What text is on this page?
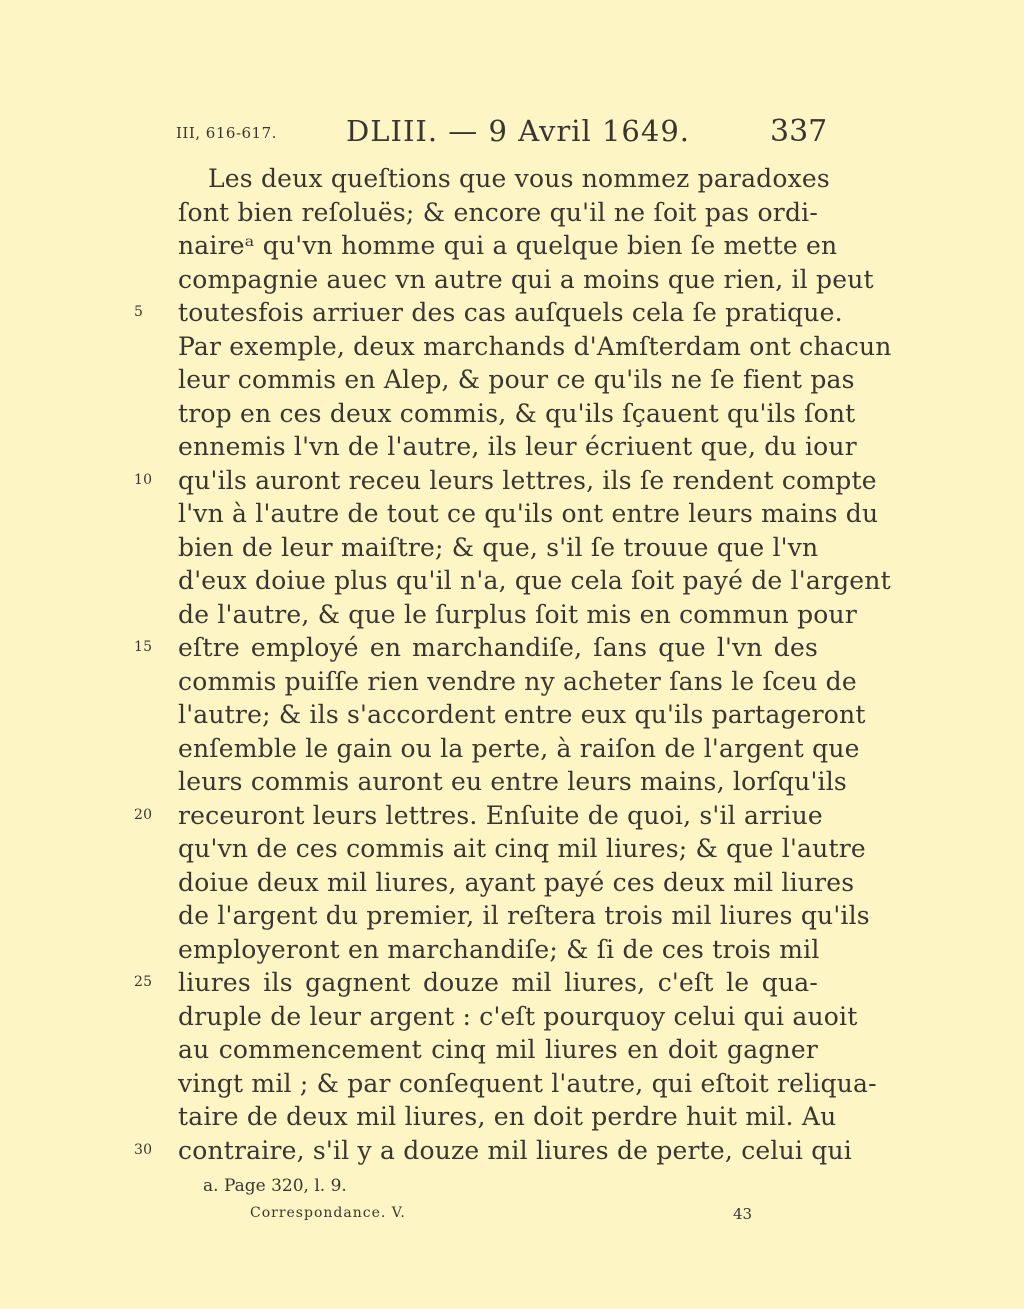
III, 616-617. DLIII. — 9 Avril 1649.	337
Les deux queſtions que vous nommez paradoxes
ſont bien reſoluës; & encore qu'il ne ſoit pas ordi-
naireᵃ qu'vn homme qui a quelque bien ſe mette en
compagnie auec vn autre qui a moins que rien, il peut
5	toutesfois arriuer des cas auſquels cela ſe pratique.
Par exemple, deux marchands d'Amſterdam ont chacun
leur commis en Alep, & pour ce qu'ils ne ſe fient pas
trop en ces deux commis, & qu'ils ſçauent qu'ils ſont
ennemis l'vn de l'autre, ils leur écriuent que, du iour
10 qu'ils auront receu leurs lettres, ils ſe rendent compte
l'vn à l'autre de tout ce qu'ils ont entre leurs mains du
bien de leur maiſtre; & que, s'il ſe trouue que l'vn
d'eux doiue plus qu'il n'a, que cela ſoit payé de l'argent
de l'autre, & que le ſurplus ſoit mis en commun pour
15 eſtre employé en marchandiſe, ſans que l'vn des
commis puiſſe rien vendre ny acheter ſans le ſceu de
l'autre; & ils s'accordent entre eux qu'ils partageront
enſemble le gain ou la perte, à raiſon de l'argent que
leurs commis auront eu entre leurs mains, lorſqu'ils
20 receuront leurs lettres. Enſuite de quoi, s'il arriue
qu'vn de ces commis ait cinq mil liures; & que l'autre
doiue deux mil liures, ayant payé ces deux mil liures
de l'argent du premier, il reſtera trois mil liures qu'ils
employeront en marchandiſe; & ſi de ces trois mil
25 liures ils gagnent douze mil liures, c'eſt le qua-
druple de leur argent : c'eſt pourquoy celui qui auoit
au commencement cinq mil liures en doit gagner
vingt mil ; & par conſequent l'autre, qui eſtoit reliqua-
taire de deux mil liures, en doit perdre huit mil. Au
30 contraire, s'il y a douze mil liures de perte, celui qui
a. Page 320, l. 9.
Correspondance. V.	43
